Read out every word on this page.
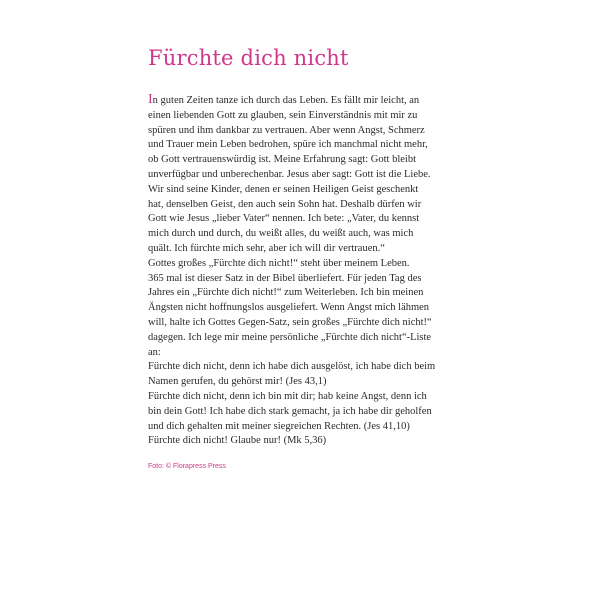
Fürchte dich nicht
In guten Zeiten tanze ich durch das Leben. Es fällt mir leicht, an
einen liebenden Gott zu glauben, sein Einverständnis mit mir zu
spüren und ihm dankbar zu vertrauen. Aber wenn Angst, Schmerz
und Trauer mein Leben bedrohen, spüre ich manchmal nicht mehr,
ob Gott vertrauenswürdig ist. Meine Erfahrung sagt: Gott bleibt
unverfügbar und unberechenbar. Jesus aber sagt: Gott ist die Liebe.
Wir sind seine Kinder, denen er seinen Heiligen Geist geschenkt
hat, denselben Geist, den auch sein Sohn hat. Deshalb dürfen wir
Gott wie Jesus „lieber Vater“ nennen. Ich bete: „Vater, du kennst
mich durch und durch, du weißt alles, du weißt auch, was mich
quält. Ich fürchte mich sehr, aber ich will dir vertrauen.“
Gottes großes „Fürchte dich nicht!“ steht über meinem Leben.
365 mal ist dieser Satz in der Bibel überliefert. Für jeden Tag des
Jahres ein „Fürchte dich nicht!“ zum Weiterleben. Ich bin meinen
Ängsten nicht hoffnungslos ausgeliefert. Wenn Angst mich lähmen
will, halte ich Gottes Gegen-Satz, sein großes „Fürchte dich nicht!“
dagegen. Ich lege mir meine persönliche „Fürchte dich nicht“-Liste
an:
Fürchte dich nicht, denn ich habe dich ausgelöst, ich habe dich beim
Namen gerufen, du gehörst mir! (Jes 43,1)
Fürchte dich nicht, denn ich bin mit dir; hab keine Angst, denn ich
bin dein Gott! Ich habe dich stark gemacht, ja ich habe dir geholfen
und dich gehalten mit meiner siegreichen Rechten. (Jes 41,10)
Fürchte dich nicht! Glaube nur! (Mk 5,36)
Foto: © Florapress Press
